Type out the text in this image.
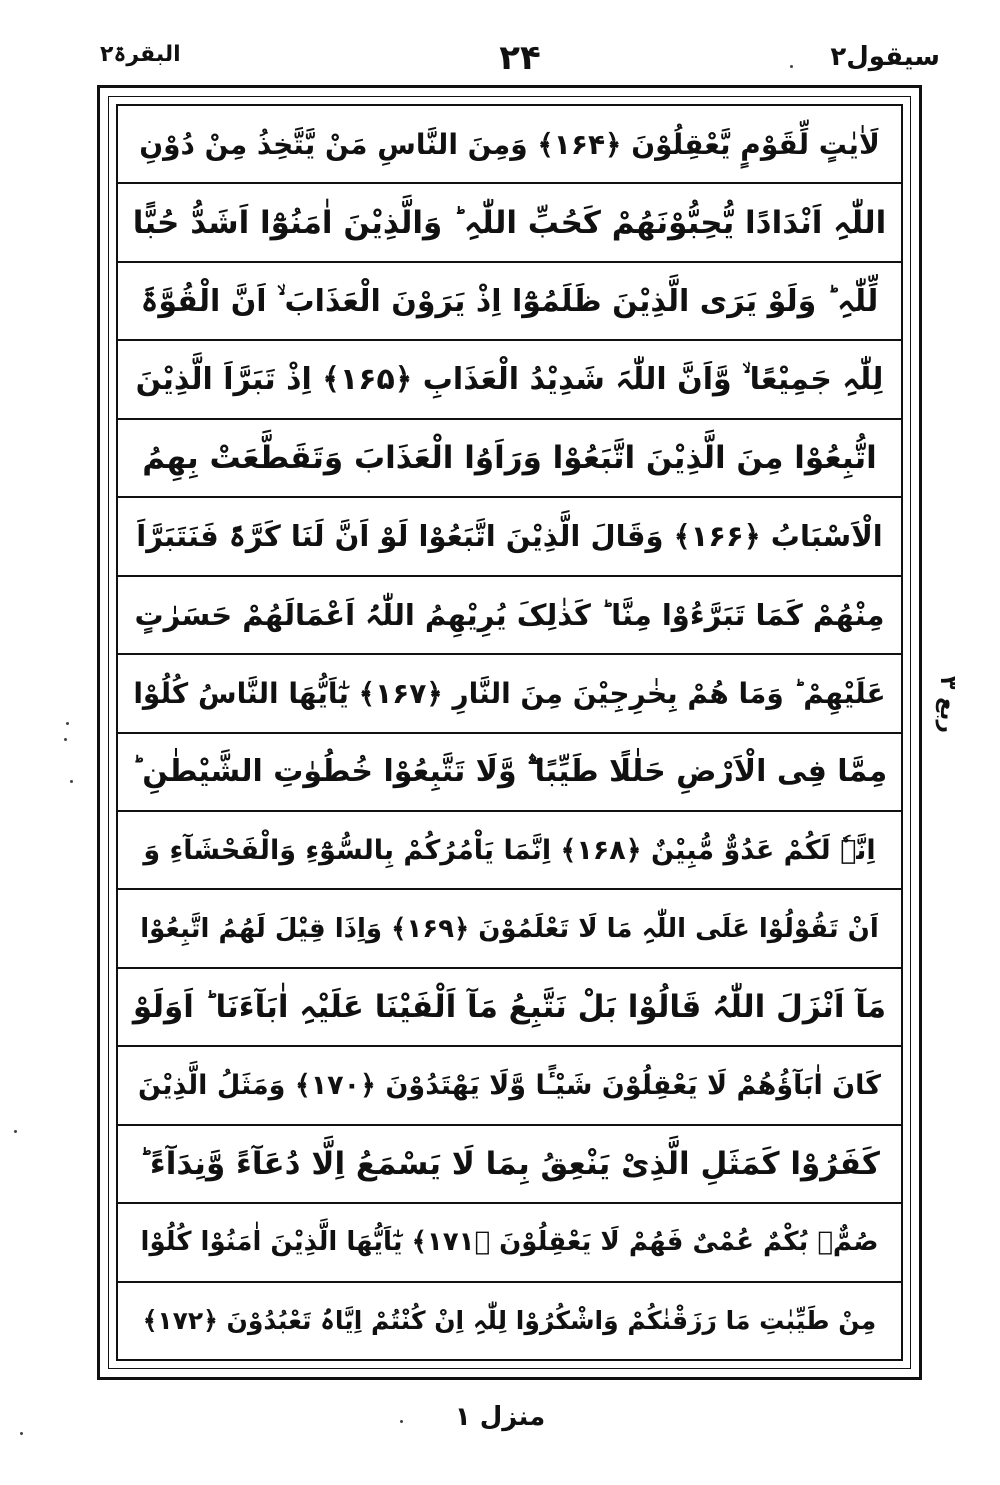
سیقول۲
۲۴
البقرۃ۲
لَاٰیٰتٍ لِّقَوْمٍ یَّعْقِلُوْنَ ﴿۱۶۴﴾ وَمِنَ النَّاسِ مَنْ یَّتَّخِذُ مِنْ دُوْنِ
اللّٰہِ اَنْدَادًا یُّحِبُّوْنَھُمْ کَحُبِّ اللّٰہِ ؕ وَالَّذِیْنَ اٰمَنُوْٓا اَشَدُّ حُبًّا
لِّلّٰہِ ؕ وَلَوْ یَرَی الَّذِیْنَ ظَلَمُوْٓا اِذْ یَرَوْنَ الْعَذَابَ ۙ اَنَّ الْقُوَّۃَ
لِلّٰہِ جَمِیْعًا ۙ وَّاَنَّ اللّٰہَ شَدِیْدُ الْعَذَابِ ﴿۱۶۵﴾ اِذْ تَبَرَّاَ الَّذِیْنَ
اتُّبِعُوْا مِنَ الَّذِیْنَ اتَّبَعُوْا وَرَاَوُا الْعَذَابَ وَتَقَطَّعَتْ بِھِمُ
الْاَسْبَابُ ﴿۱۶۶﴾ وَقَالَ الَّذِیْنَ اتَّبَعُوْا لَوْ اَنَّ لَنَا کَرَّۃً فَنَتَبَرَّاَ
مِنْھُمْ کَمَا تَبَرَّءُوْا مِنَّا ؕ کَذٰلِکَ یُرِیْھِمُ اللّٰہُ اَعْمَالَھُمْ حَسَرٰتٍ
عَلَیْھِمْ ؕ وَمَا ھُمْ بِخٰرِجِیْنَ مِنَ النَّارِ ﴿۱۶۷﴾ یٰٓاَیُّھَا النَّاسُ کُلُوْا
مِمَّا فِی الْاَرْضِ حَلٰلًا طَیِّبًا ۫ۖ وَّلَا تَتَّبِعُوْا خُطُوٰتِ الشَّیْطٰنِ ؕ
اِنَّہٗ لَکُمْ عَدُوٌّ مُّبِیْنٌ ﴿۱۶۸﴾ اِنَّمَا یَاْمُرُکُمْ بِالسُّوْٓءِ وَالْفَحْشَآءِ وَ
اَنْ تَقُوْلُوْا عَلَی اللّٰہِ مَا لَا تَعْلَمُوْنَ ﴿۱۶۹﴾ وَاِذَا قِیْلَ لَھُمُ اتَّبِعُوْا
مَآ اَنْزَلَ اللّٰہُ قَالُوْا بَلْ نَتَّبِعُ مَآ اَلْفَیْنَا عَلَیْہِ اٰبَآءَنَا ؕ اَوَلَوْ
کَانَ اٰبَآؤُھُمْ لَا یَعْقِلُوْنَ شَیْـًٔا وَّلَا یَھْتَدُوْنَ ﴿۱۷۰﴾ وَمَثَلُ الَّذِیْنَ
کَفَرُوْا کَمَثَلِ الَّذِیْ یَنْعِقُ بِمَا لَا یَسْمَعُ اِلَّا دُعَآءً وَّنِدَآءً ؕ
صُمٌّۢ بُکْمٌ عُمْیٌ فَھُمْ لَا یَعْقِلُوْنَ ﴿۱۷۱﴾ یٰٓاَیُّھَا الَّذِیْنَ اٰمَنُوْا کُلُوْا
مِنْ طَیِّبٰتِ مَا رَزَقْنٰکُمْ وَاشْکُرُوْا لِلّٰہِ اِنْ کُنْتُمْ اِیَّاہُ تَعْبُدُوْنَ ﴿۱۷۲﴾
ربع ۳
منزل ۱
